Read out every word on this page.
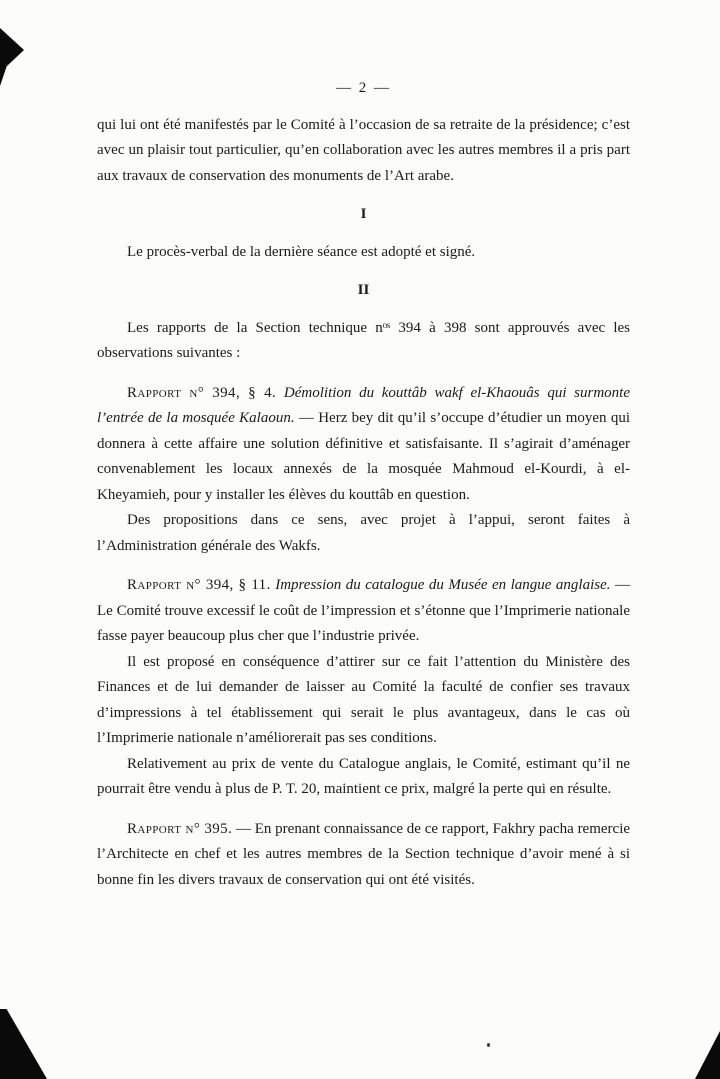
— 2 —

qui lui ont été manifestés par le Comité à l’occasion de sa retraite de la présidence; c’est avec un plaisir tout particulier, qu’en collaboration avec les autres membres il a pris part aux travaux de conservation des monuments de l’Art arabe.

I

Le procès-verbal de la dernière séance est adopté et signé.

II

Les rapports de la Section technique nᵒˢ 394 à 398 sont approuvés avec les observations suivantes :

Rapport n° 394, § 4. Démolition du kouttâb wakf el-Khaouâs qui surmonte l’entrée de la mosquée Kalaoun. — Herz bey dit qu’il s’occupe d’étudier un moyen qui donnera à cette affaire une solution définitive et satisfaisante. Il s’agirait d’aménager convenablement les locaux annexés de la mosquée Mahmoud el-Kourdi, à el-Kheyamieh, pour y installer les élèves du kouttâb en question.

Des propositions dans ce sens, avec projet à l’appui, seront faites à l’Administration générale des Wakfs.

Rapport n° 394, § 11. Impression du catalogue du Musée en langue anglaise. — Le Comité trouve excessif le coût de l’impression et s’étonne que l’Imprimerie nationale fasse payer beaucoup plus cher que l’industrie privée.

Il est proposé en conséquence d’attirer sur ce fait l’attention du Ministère des Finances et de lui demander de laisser au Comité la faculté de confier ses travaux d’impressions à tel établissement qui serait le plus avantageux, dans le cas où l’Imprimerie nationale n’améliorerait pas ses conditions.

Relativement au prix de vente du Catalogue anglais, le Comité, estimant qu’il ne pourrait être vendu à plus de P. T. 20, maintient ce prix, malgré la perte qui en résulte.

Rapport n° 395. — En prenant connaissance de ce rapport, Fakhry pacha remercie l’Architecte en chef et les autres membres de la Section technique d’avoir mené à si bonne fin les divers travaux de conservation qui ont été visités.
